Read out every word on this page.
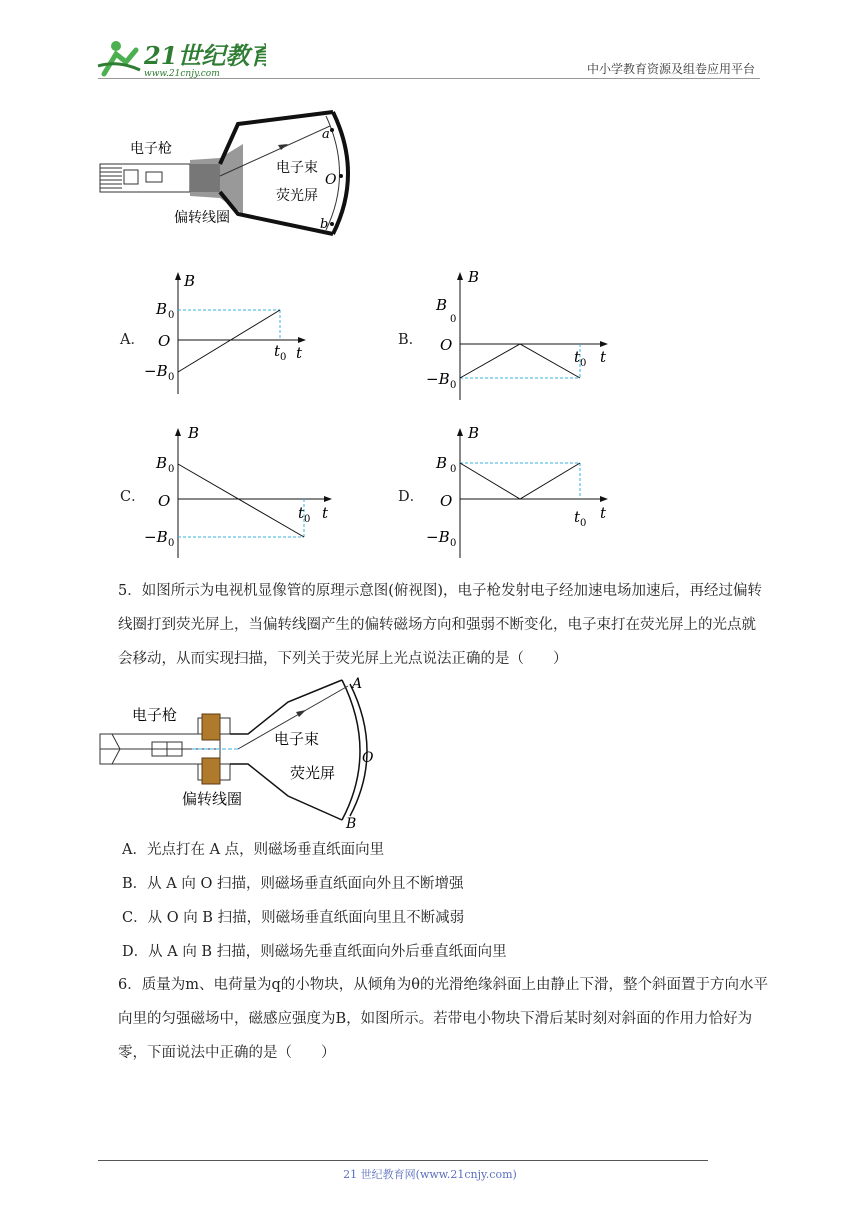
21世纪教育
www.21cnjy.com	中小学教育资源及组卷应用平台
电子枪
电子束
偏转线圈
荧光屏
a
O
b
A．
B
B 0
O
−B 0
t 0 t
B．
B
B
0
O
−B 0
t 0 t
C．
B
B 0
O
−B 0
t 0 t
D．
B
B 0
O
−B 0
t 0
t
5．如图所示为电视机显像管的原理示意图(俯视图)，电子枪发射电子经加速电场加速后，再经过偏转线圈打到荧光屏上，当偏转线圈产生的偏转磁场方向和强弱不断变化，电子束打在荧光屏上的光点就会移动，从而实现扫描，下列关于荧光屏上光点说法正确的是（　　）
电子枪
电子束
偏转线圈
荧光屏
A
O
B
A．光点打在 A 点，则磁场垂直纸面向里
B．从 A 向 O 扫描，则磁场垂直纸面向外且不断增强
C．从 O 向 B 扫描，则磁场垂直纸面向里且不断减弱
D．从 A 向 B 扫描，则磁场先垂直纸面向外后垂直纸面向里
6．质量为m、电荷量为q的小物块，从倾角为θ的光滑绝缘斜面上由静止下滑，整个斜面置于方向水平向里的匀强磁场中，磁感应强度为B，如图所示。若带电小物块下滑后某时刻对斜面的作用力恰好为零，下面说法中正确的是（　　）
21 世纪教育网(www.21cnjy.com)
